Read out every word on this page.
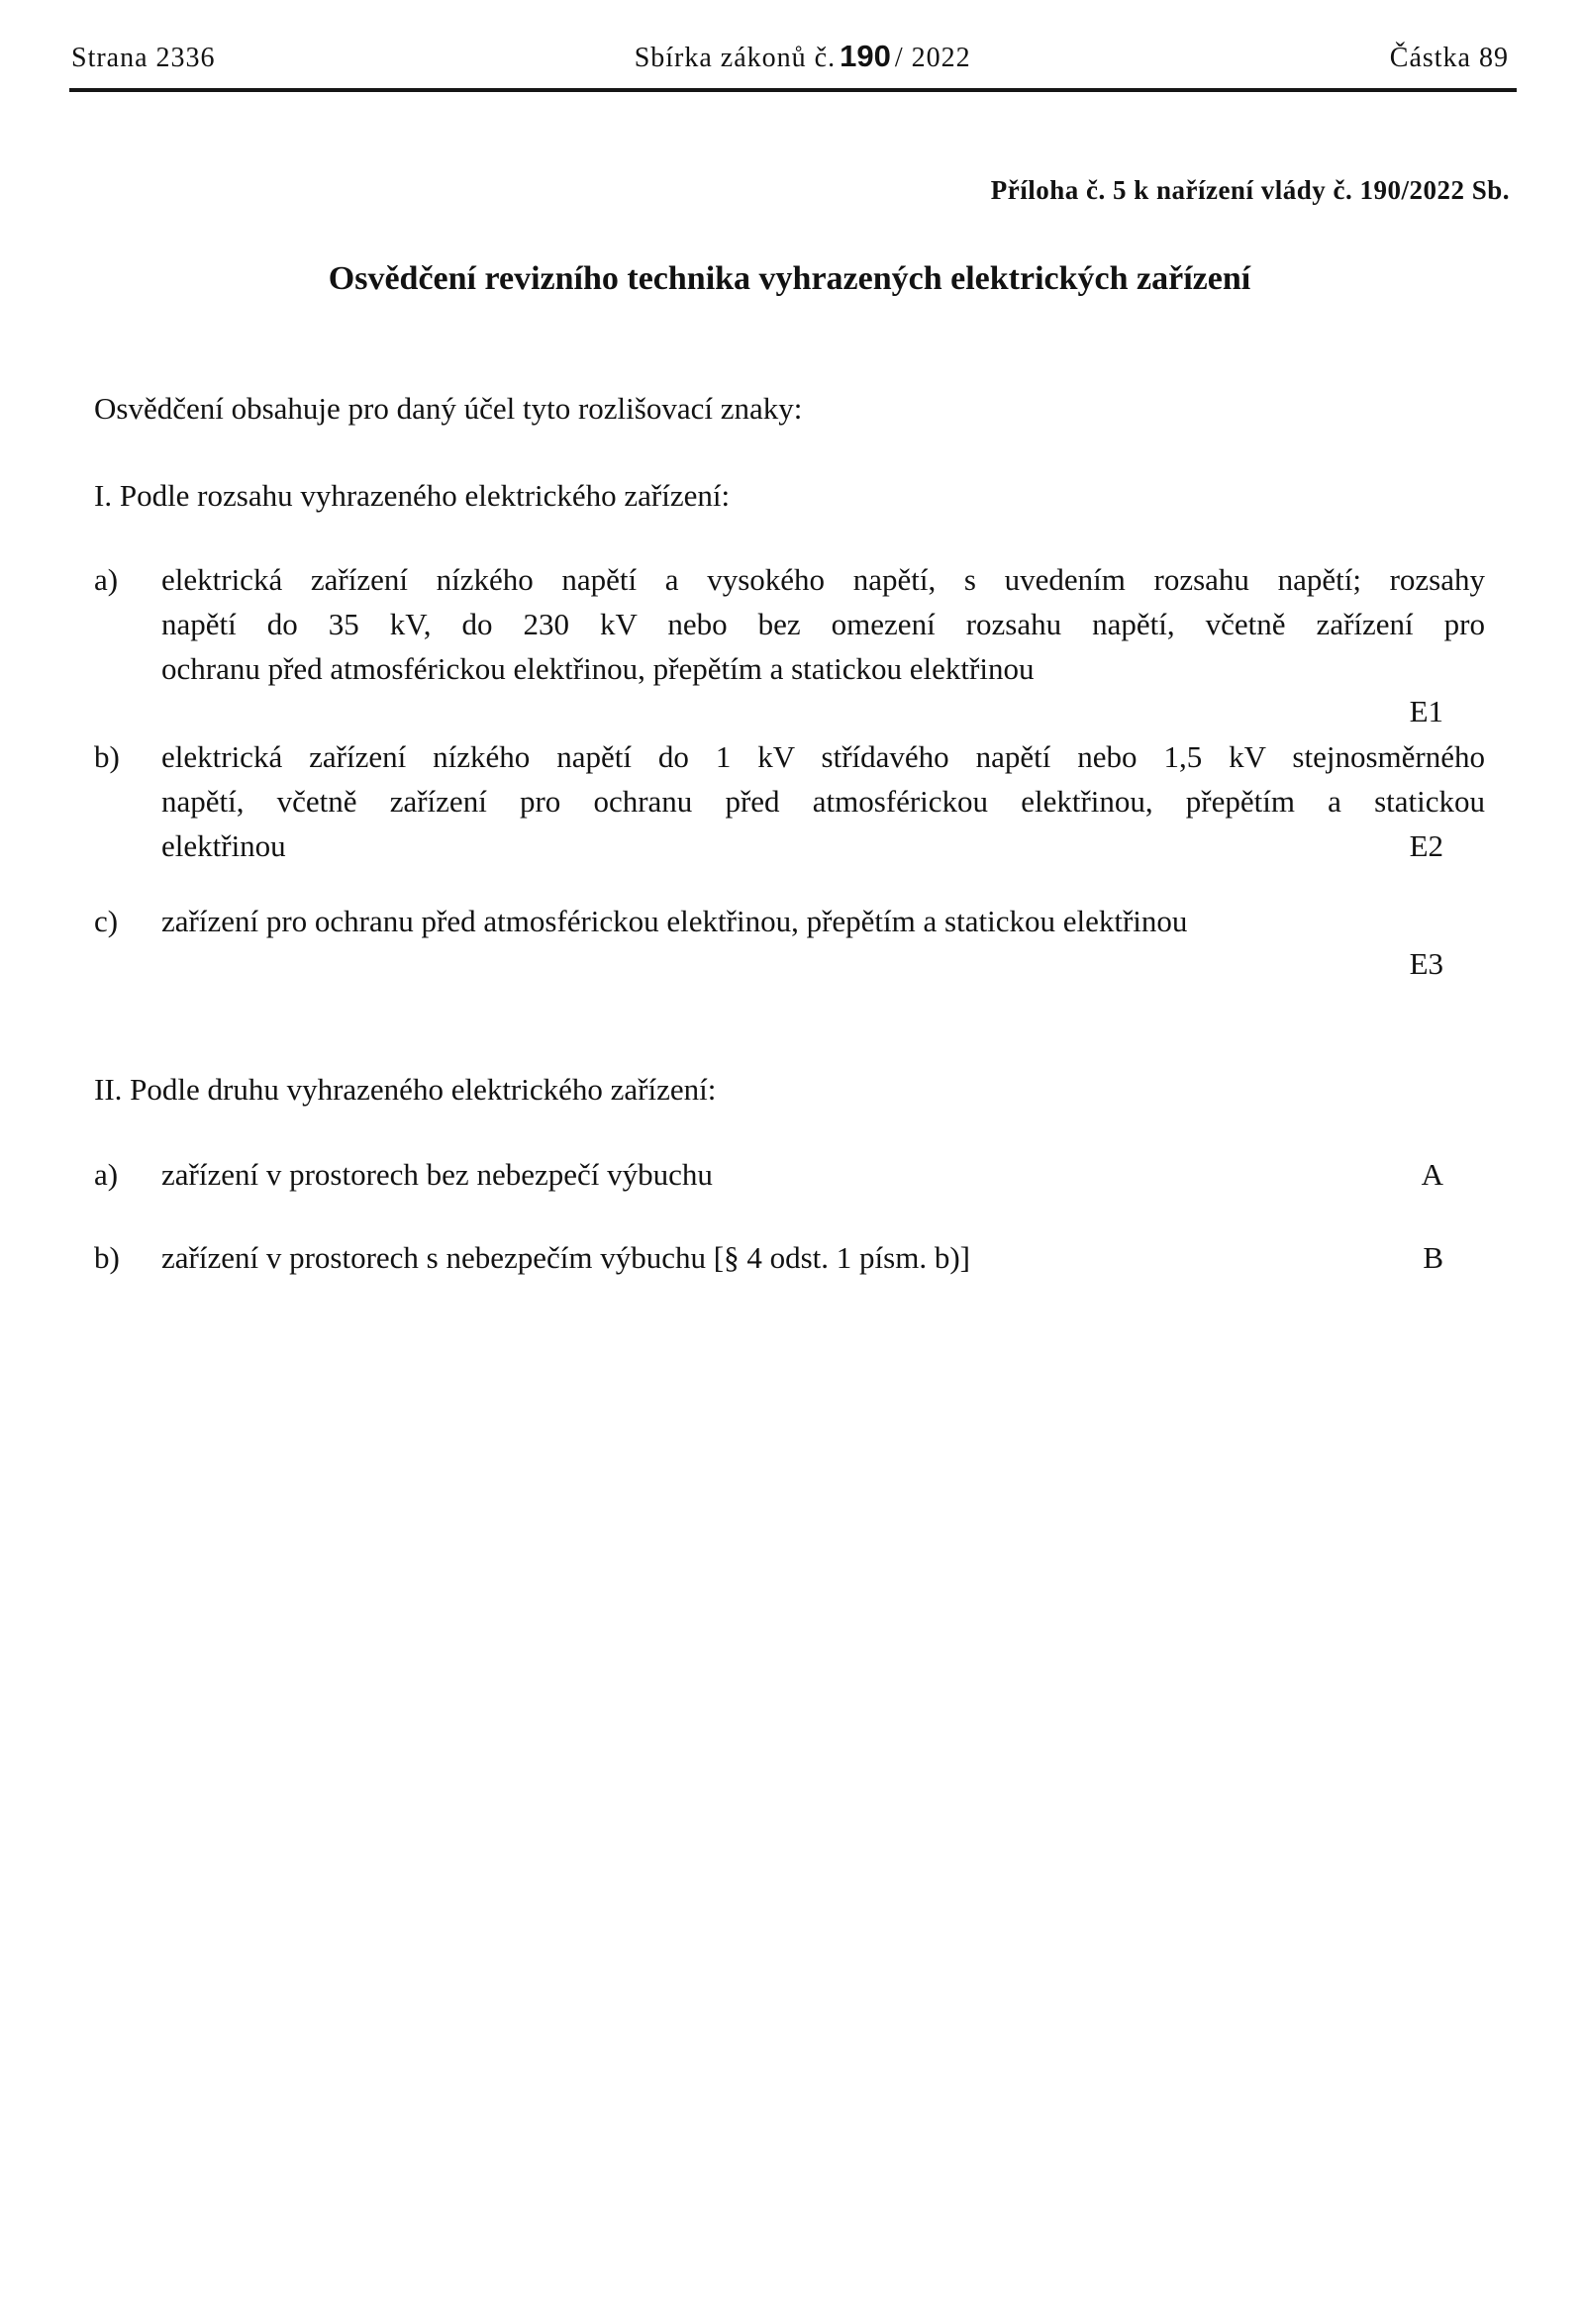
Strana 2336	Sbírka zákonů č. 190 / 2022	Částka 89
Příloha č. 5 k nařízení vlády č. 190/2022 Sb.
Osvědčení revizního technika vyhrazených elektrických zařízení

Osvědčení obsahuje pro daný účel tyto rozlišovací znaky:

I. Podle rozsahu vyhrazeného elektrického zařízení:

a)	elektrická zařízení nízkého napětí a vysokého napětí, s uvedením rozsahu napětí; rozsahy
napětí do 35 kV, do 230 kV nebo bez omezení rozsahu napětí, včetně zařízení pro
ochranu před atmosférickou elektřinou, přepětím a statickou elektřinou
E1
b)	elektrická zařízení nízkého napětí do 1 kV střídavého napětí nebo 1,5 kV stejnosměrného
napětí, včetně zařízení pro ochranu před atmosférickou elektřinou, přepětím a statickou
elektřinou	E2
c)	zařízení pro ochranu před atmosférickou elektřinou, přepětím a statickou elektřinou
E3

II. Podle druhu vyhrazeného elektrického zařízení:

a)	zařízení v prostorech bez nebezpečí výbuchu	A
b)	zařízení v prostorech s nebezpečím výbuchu [§ 4 odst. 1 písm. b)]	B
